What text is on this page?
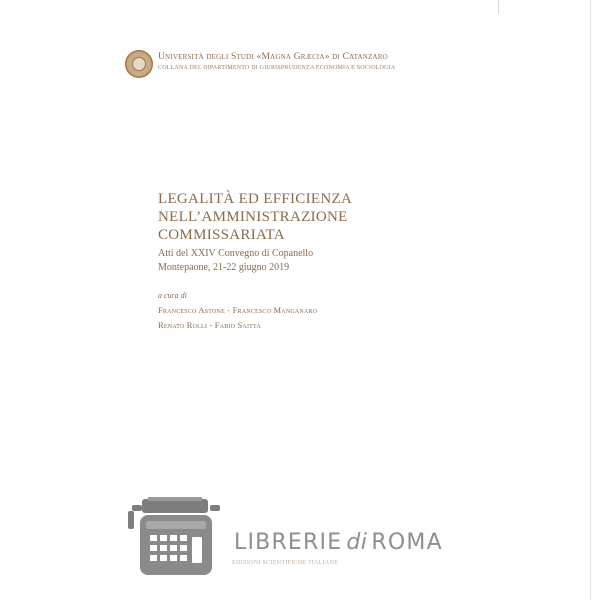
Università degli Studi «Magna Græcia» di Catanzaro
COLLANA DEL DIPARTIMENTO DI GIURISPRUDENZA ECONOMIA E SOCIOLOGIA
LEGALITÀ ED EFFICIENZA
NELL’AMMINISTRAZIONE
COMMISSARIATA
Atti del XXIV Convegno di Copanello
Montepaone, 21-22 giugno 2019
a cura di
Francesco Astone - Francesco Manganaro
Renato Rolli - Fabio Saitta
LIBRERIE di ROMA
EDIZIONI SCIENTIFICHE ITALIANE
